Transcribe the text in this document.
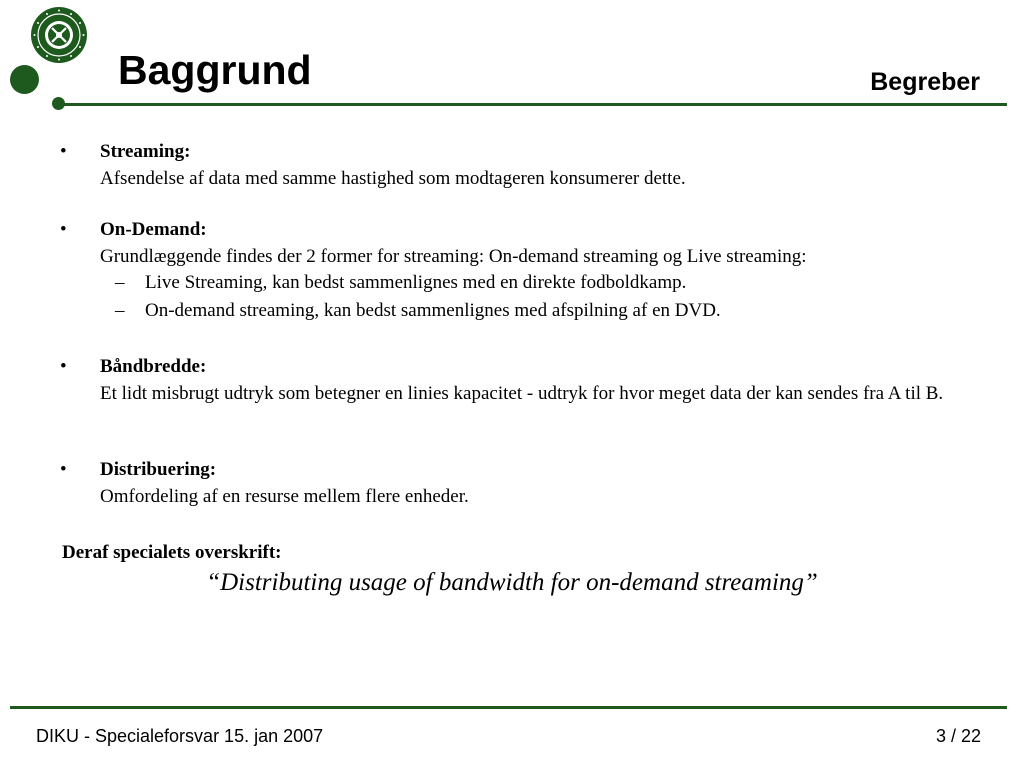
Baggrund	Begreber
• Streaming:
Afsendelse af data med samme hastighed som modtageren konsumerer dette.
• On-Demand:
Grundlæggende findes der 2 former for streaming: On-demand streaming og Live streaming:
– Live Streaming, kan bedst sammenlignes med en direkte fodboldkamp.
– On-demand streaming, kan bedst sammenlignes med afspilning af en DVD.
• Båndbredde:
Et lidt misbrugt udtryk som betegner en linies kapacitet - udtryk for hvor meget data der kan sendes fra A til B.
• Distribuering:
Omfordeling af en resurse mellem flere enheder.
Deraf specialets overskrift:
“Distributing usage of bandwidth for on-demand streaming”
DIKU - Specialeforsvar 15. jan 2007	3 / 22
